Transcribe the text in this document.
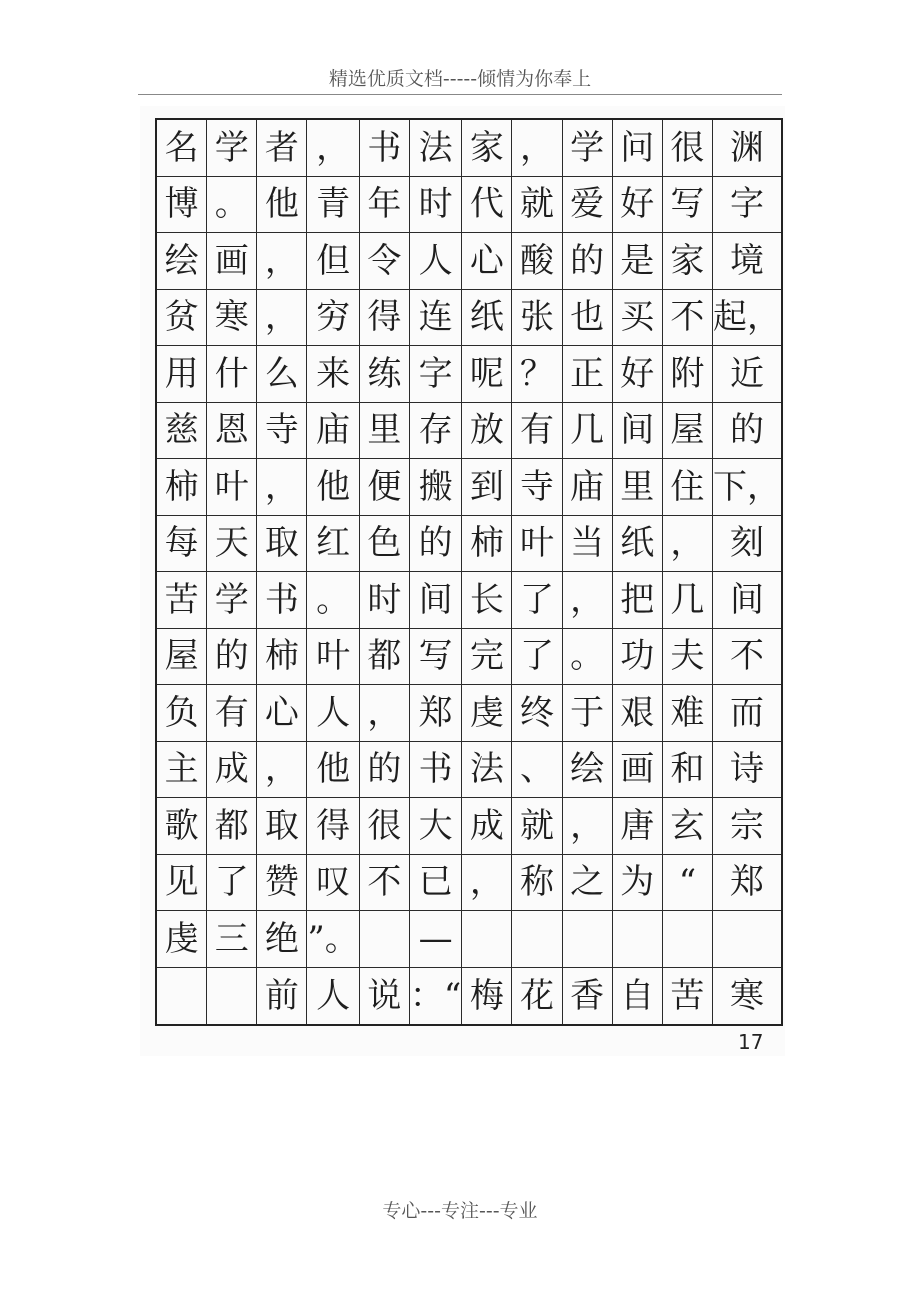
精选优质文档-----倾情为你奉上
名 学 者 ， 书 法 家 ， 学 问 很 渊
博 。 他 青 年 时 代 就 爱 好 写 字
绘 画 ， 但 令 人 心 酸 的 是 家 境
贫 寒 ， 穷 得 连 纸 张 也 买 不 起，
用 什 么 来 练 字 呢 ？ 正 好 附 近
慈 恩 寺 庙 里 存 放 有 几 间 屋 的
柿 叶 ， 他 便 搬 到 寺 庙 里 住 下，
每 天 取 红 色 的 柿 叶 当 纸 ， 刻
苦 学 书 。 时 间 长 了 ， 把 几 间
屋 的 柿 叶 都 写 完 了 。 功 夫 不
负 有 心 人 ， 郑 虔 终 于 艰 难 而
主 成 ， 他 的 书 法 、 绘 画 和 诗
歌 都 取 得 很 大 成 就 ， 唐 玄 宗
见 了 赞 叹 不 已 ， 称 之 为 “ 郑
虔 三 绝 ”。 —
前 人 说 ：“ 梅 花 香 自 苦 寒
17
专心---专注---专业
